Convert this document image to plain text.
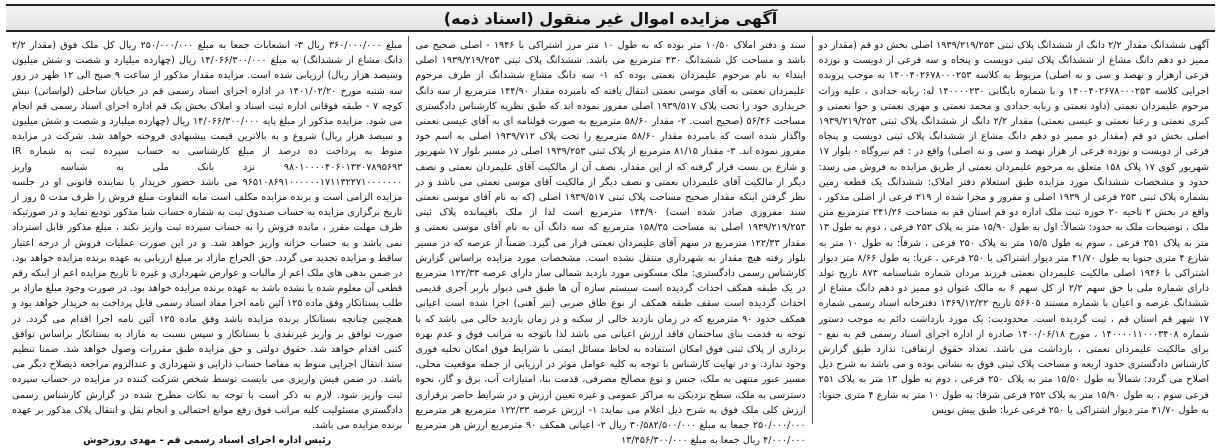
آگهی مزایده اموال غیر منقول (اسناد ذمه)

آگهی ششدانگ مقدار ۲/۲ دانگ از ششدانگ پلاک ثبتی ۱۹۳۹/۲۱۹/۲۵۳ اصلی بخش دو قم (مقدار دو ممیز دو دهم دانگ مشاع از ششدانگ پلاک ثبتی دویست و پنجاه و سه فرعی از دویست و نوزده فرعی ازهزار و نهصد و سی و نه اصلی) مربوط به کلاسه ۱۴۰۰۴۰۲۶۷۸۰۰۰۲۵۳ به موجب پرونده اجرایی کلاسه ۱۴۰۰۴۰۲۶۷۸۰۰۰۲۵۳ و با شماره بایگانی ۱۴۰۰۰۰۲۳۰ له: ربابه حدادی ، علیه وراث مرحوم علیمردان نعمتی (داود نعمتی و ربابه حدادی و محمد نعمتی و مهری نعمتی و حوا نعمتی و کبری نعمتی و رعنا نعمتی و عیسی نعمتی) مقدار ۲/۲ دانگ از ششدانگ پلاک ثبتی ۱۹۳۹/۲۱۹/۲۵۳ اصلی بخش دو قم (مقدار دو ممیز دو دهم دانگ مشاع از ششدانگ پلاک ثبتی دویست و پنجاه فرعی از دویست و نوزده فرعی از هزار نهصد و سی و نه اصلی) واقع در : قم نیروگاه - بلوار ۱۷ شهریور کوی ۱۷ پلاک ۱۵۸ متعلق به مرحوم علیمردان نعمتی از طریق مزایده به فروش می رسد: حدود و مشخصات ششدانگ مورد مزایده طبق استعلام دفتر املاک: ششدانگ یک قطعه زمین بشماره پلاک ثبتی ۲۵۳ فرعی از ۱۹۳۹ اصلی و مفروز و مجزا شده از ۲۱۹ فرعی از اصلی مذکور ، واقع در بخش ۲ ناحیه ۲۰ حوزه ثبت ملک اداره دو قم استان قم به مساحت ۲۴۱/۲۶ مترمربع متن ملک ، توضیحات ملک به حدود: شمالاً: اول به طول ۱۵/۹۰ متر به پلاک ۲۵۲ فرعی ، دوم به طول ۱۳ متر به پلاک ۲۵۱ فرعی ، سوم به طول ۱۵/۵ متر به پلاک ۲۵۰ فرعی ، شرقاً: به طول ۱۰ متر به شارع ۴ متری جنوبا به طول ۴۱/۷۰ متر دیوار اشتراکی با ۲۵۰ فرعی ، غربا: به طول ۸/۶۶ متر دیوار اشتراکی با ۱۹۴۶ اصلی مالکیت علیمردان نعمتی فرزند مردان شماره شناسنامه ۸۷۳ تاریخ تولد دارای شماره ملی با حق سهم ۲/۲ از کل سهم ۶ به مالک عنوان دو ممیز دو دهم دانگ مشاع از ششدانگ عرصه و اعیان با شماره مستند ۵۶۶۰۵ تاریخ ۱۳۶۹/۱۲/۲۲ دفترخانه اسناد رسمی شماره ۱۷ شهر قم استان قم ، ثبت گردیده است. محدودیت: یک مورد بازداشت دائم به موجب دستور شماره ۱۴۰۰۰۰۱۱۰۰۰۳۴۰۸ ، مورخ ۱۴۰۰/۰۶/۱۸ صادره از اداره اجرای اسناد رسمی قم به نفع - برای مالکیت علیمردان نعمتی ، بازداشت می باشد. تعداد حقوق ارتفاقی: ندارد طبق گزارش کارشناس دادگستری حدود اربعه و مساحت پلاک ثبتی فوق به نشانی بوده و می باشد به شرح ذیل اصلاح می گردد: شمالاً به طول ۱۵/۵۰ متر به پلاک ۲۵۰ فرعی ، دوم به طول ۱۳ متر به پلاک ۲۵۱ فرعی سوم ، به طول ۱۵/۹۰ متر به پلاک ۲۵۲ فرعی شرقا: به طول ۱۰ متر به شارع ۴ متری جنوبا: به طول ۴۱/۷۰ متر دیوار اشتراکی با ۲۵۰ فرعی غربا: طبق پیش نویس

سند و دفتر املاک ۱۰/۵۰ متر بوده که به طول ۱۰ متر مرز اشتراکی با ۱۹۴۶ - اصلی صحیح می باشد و مساحت کل ششدانگ ۴۳۰ مترمربع می باشد. ششدانگ پلاک ثبتی ۱۹۳۹/۲۱۹/۲۵۳ اصلی ابتداء به نام مرحوم علیمردان نعمتی بوده که ۱- سه دانگ مشاع ششدانگ از طرف مرحوم علیمردان نعمتی به آقای موسی نعمتی انتقال یافته که نامبرده مقدار ۱۴۴/۹۰ مترمربع از سه دانگ خریداری خود را تحت پلاک ۱۹۳۹/۵۱۷ اصلی مفروز نموده اند که طبق نظریه کارشناس دادگستری مساحت ۵۶/۴۶ (صحیح است. ۲- مقدار ۵۸/۶۰ مترمربع به صورت قولنامه ای به آقای عیسی نعمتی واگذار شده است که نامبرده مقدار ۵۸/۶۰ مترمربع را تحت پلاک ۱۹۳۹/۷۱۲ اصلی به اسم خود مفروز نموده اند. ۳- مقدار ۸۱/۱۵ مترمربع از پلاک ثبتی ۱۹۳۹/۲۵۳ اصلی در مسیر بلوار ۱۷ شهریور و شارع بن بست قرار گرفته که از این مقدار، نصف آن از مالکیت آقای علیمردان نعمتی و نصف دیگر از مالکیت آقای علیمردان نعمتی و نصف دیگر از مالکیت آقای موسی نعمتی می باشد و در نظر گرفتن اینکه مقدار صحیح مساحت پلاک ثبتی ۱۹۳۹/۵۱۷ اصلی (که به نام آقای موسی نعمتی سند مفروزی صادر شده است) ۱۴۴/۹۰ مترمربع است لذا از ملک باقیمانده پلاک ثبتی ۱۹۳۹/۲۱۹/۲۵۳ اصلی به مساحت ۱۵۸/۳۵ مترمربع که سه دانگ آن به نام آقای موسی نعمتی و مقدار ۱۲۲/۳۳ مترمربع در سهم آقای علیمردان نعمتی قرار می گیرد. ضمناً از عرصه که در مسیر بلوار رفته هیچ مقدار به شهرداری منتقل نشده است. مشخصات مورد مزایده براساس گزارش کارشناس رسمی دادگستری: ملک مسکونی مورد بازدید شمالی ساز دارای عرصه ۱۲۲/۳۳ مترمربع در یک طبقه همکف احداث گردیده است سیستم سازه آن ها طبق فنی دیوار باربر آجری قدیمی احداث گردیده است سقف طبقه همکف از نوع طاق ضربی (تیر آهنی) اجرا شده است اعیانی همکف حدود ۹۰ مترمربع که در زمان بازدید خالی از سکنه و در زمان بازدید خالی می باشد که با توجه به قدمت بنای ساختمان فاقد ارزش اعیانی می باشد لذا باتوجه به مراتب فوق و عدم بهره برداری از پلاک ثبتی فوق امکان استفاده به لحاظ مسائل ایمنی با شرایط فوق امکان تخلیه فوری وجود ندارد. و در نهایت کارشناس با توجه به کلیه عوامل موثر در ارزیابی از جمله موقعیت محلی، مسیر عبور منتهی به ملک، جنس و نوع مصالح مصرفی، قدمت بنا، امتیازات آب، برق و گاز، نحوه دسترسی به ملک، سطح نزدیکی به مراکز عمومی و غیره تعیین ارزش و در شرایط حاضر برقراری ارزش کلی ملک فوق به شرح ذیل اعلام می نماید: ۱- ارزش عرصه ۱۲۲/۳۳ مترمربع هر مترمربع ۲۵۰/۰۰۰/۰۰۰ جمعا به مبلغ ۳۰/۵۸۲/۵۰۰/۰۰۰ ریال ۲- اعیانی همکف ۹۰ مترمربع ارزش هر مترمربع ۴/۰۰۰/۰۰۰ ریال جمعا به مبلغ ۱۳/۴۵۶/۳۰۰/۰۰۰

مبلغ ۳۶۰/۰۰۰/۰۰۰ ریال ۳- انشعابات جمعا به مبلغ ۲۵۰/۰۰۰/۰۰۰ ریال کل ملک فوق (مقدار ۲/۲ دانگ مشاع از ششدانگ) به مبلغ ۱۴/۰۶۶/۳۰۰/۰۰۰ ریال (چهارده میلیارد و شصت و شش میلیون وسیصد هزار ریال) ارزیابی شده است. مزایده مقدار مذکور از ساعت ۹ صبح الی ۱۲ ظهر در روز سه شنبه مورخ ۱۴۰۱/۰۲/۲۰ در اداره اجرای اسناد رسمی قم در خیابان ساحلی (لواسانی) نبش کوچه ۷ - طبقه فوقانی اداره ثبت اسناد و املاک بخش یک قم اداره اجرای اسناد رسمی قم انجام می شود. مزایده مذکور از مبلغ پایه ۱۴/۰۶۶/۳۰۰/۰۰۰ ریال (چهارده میلیارد و شصت و شش میلیون و سیصد هزار ریال) شروع و به بالاترین قیمت پیشنهادی فروخته خواهد شد. شرکت در مزایده منوط به پرداخت ده درصد از مبلغ کارشناسی به حساب سپرده ثبت به شماره IR ۹۸۰۱۰۰۰۰۴۰۶۰۱۳۲۰۷۸۹۵۶۹۳ نزد بانک ملی به شناسه واریز ۹۶۵۱۰۸۶۹۱۰۰۰۰۰۰۱۷۱۱۳۲۲۷۱۰۰۰۰۰۰۰ می باشد حضور خریدار یا نماینده قانونی او در جلسه مزایده الزامی است و برنده مزایده مکلف است مابه التفاوت مبلغ فروش را ظرف مدت ۵ روز از تاریخ برگزاری مزایده به حساب صندوق ثبت به شماره حساب شبا مذکور تودیع نماید و در صورتیکه ظرف مهلت مقرر ، مانده فروش را به حساب سپرده ثبت واریز نکند ، مبلغ مذکور قابل استرداد نمی باشد و به حساب خزانه واریز خواهد شد. و در این صورت عملیات فروش از درجه اعتبار ساقط و مزایده تجدید می گردد. حق الحراج مازاد بر مبلغ ارزیابی به عهده برنده مزایده خواهد بود. در ضمن بدهی های ملک اعم از مالیات و عوارض شهرداری و غیره تا تاریخ مزایده اعم از اینکه رقم قطعی آن معلوم شده یا نشده باشد به عهده برنده مزایده خواهد بود. در صورت وجود مبلغ مازاد بر طلب بستانکار وفق ماده ۱۲۵ آئین نامه اجرا مفاد اسناد رسمی قابل پرداخت به خریدار خواهد بود و همچنین چنانچه بستانکار برنده مزایده باشد وفق ماده ۱۲۵ آئین نامه اجرا اقدام می گردد. در صورت توافق بر واریز غیرنقدی با بستانکار و سپس نسبت به مازاد به بستانکار براساس توافق کتبی اقدام خواهد شد. حقوق دولتی و حق مزایده طبق مقررات وصول خواهد شد. ضمنا تنظیم سند انتقال اجرایی منوط به مفاصا حساب دارایی و شهرداری و عندالزوم مراجعه ذیصلاح دیگر می باشد. در ضمن فیش واریزی می بایست توسط شخص شرکت کننده در مزایده در حساب سپرده ثبت واریز شود. لازم به ذکر است با توجه به نکات مطرح شده در گزارش کارشناس رسمی دادگستری مسئولیت کلیه مراتب فوق رفع موانع احتمالی و انجام نقل و انتقال پلاک مذکور بر عهده برنده مزایده می باشد.

رئیس اداره اجرای اسناد رسمی قم - مهدی روزخوش
